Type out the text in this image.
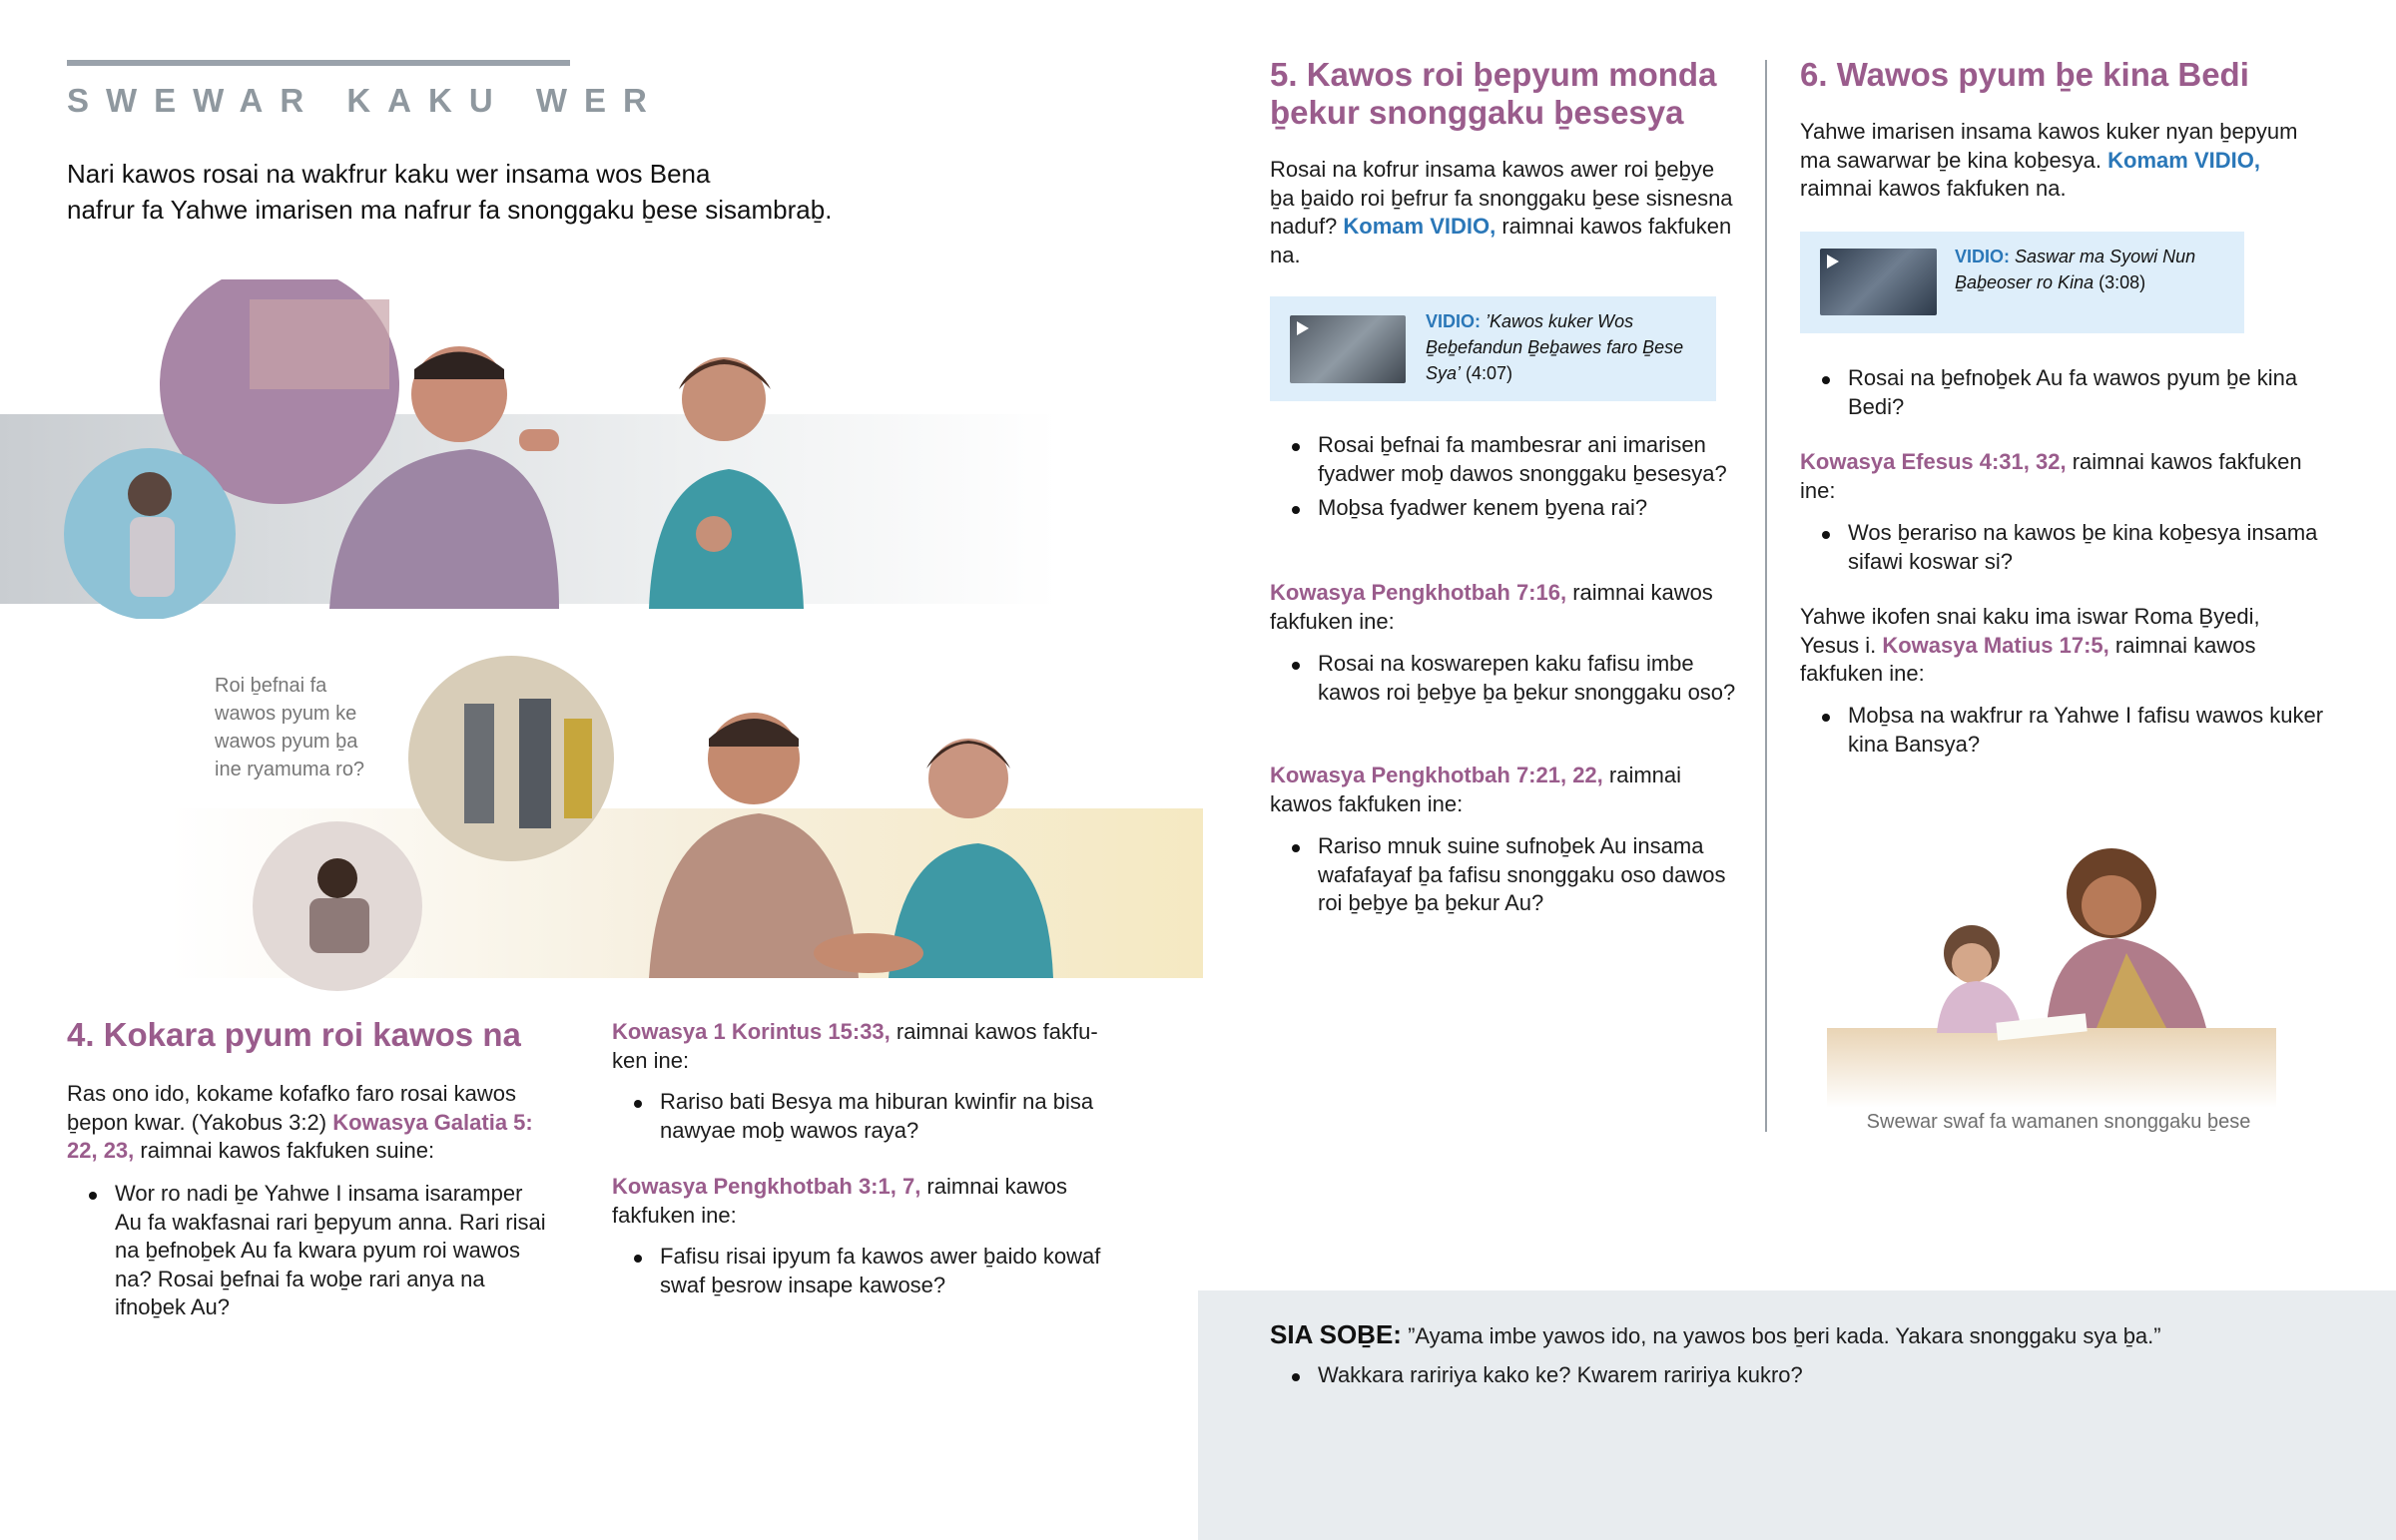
SWEWAR KAKU WER
Nari kawos rosai na wakfrur kaku wer insama wos Bena
nafrur fa Yahwe imarisen ma nafrur fa snonggaku ḇese sisambraḇ.
Roi ḇefnai fa wawos pyum ke wawos pyum ḇa ine ryamuma ro?
4. Kokara pyum roi kawos na
Ras ono ido, kokame kofafko faro rosai kawos ḇepon kwar. (Yakobus 3:2) Kowasya Galatia 5: 22, 23, raimnai kawos fakfuken suine:
Wor ro nadi ḇe Yahwe I insama isaramper Au fa wakfasnai rari ḇepyum anna. Rari risai na ḇefnoḇek Au fa kwara pyum roi wawos na? Rosai ḇefnai fa woḇe rari anya na ifnoḇek Au?
Kowasya 1 Korintus 15:33, raimnai kawos fakfuken ine:
Rariso bati Besya ma hiburan kwinfir na bisa nawyae moḇ wawos raya?
Kowasya Pengkhotbah 3:1, 7, raimnai kawos fakfuken ine:
Fafisu risai ipyum fa kawos awer ḇaido kowaf swaf ḇesrow insape kawose?
5. Kawos roi ḇepyum monda ḇekur snonggaku ḇesesya
Rosai na kofrur insama kawos awer roi ḇeḇye ḇa ḇaido roi ḇefrur fa snonggaku ḇese sisnesna naduf? Komam VIDIO, raimnai kawos fakfuken na.
VIDIO: ’Kawos kuker Wos Ḇeḇefandun Ḇeḇawes faro Ḇese Sya’ (4:07)
Rosai ḇefnai fa mambesrar ani imarisen fyadwer moḇ dawos snonggaku ḇesesya?
Moḇsa fyadwer kenem ḇyena rai?
Kowasya Pengkhotbah 7:16, raimnai kawos fakfuken ine:
Rosai na koswarepen kaku fafisu imbe kawos roi ḇeḇye ḇa ḇekur snonggaku oso?
Kowasya Pengkhotbah 7:21, 22, raimnai kawos fakfuken ine:
Rariso mnuk suine sufnoḇek Au insama wafafayaf ḇa fafisu snonggaku oso dawos roi ḇeḇye ḇa ḇekur Au?
6. Wawos pyum ḇe kina Bedi
Yahwe imarisen insama kawos kuker nyan ḇepyum ma sawarwar ḇe kina koḇesya. Komam VIDIO, raimnai kawos fakfuken na.
VIDIO: Saswar ma Syowi Nun Ḇaḇeoser ro Kina (3:08)
Rosai na ḇefnoḇek Au fa wawos pyum ḇe kina Bedi?
Kowasya Efesus 4:31, 32, raimnai kawos fakfuken ine:
Wos ḇerariso na kawos ḇe kina koḇesya insama sifawi koswar si?
Yahwe ikofen snai kaku ima iswar Roma Ḇyedi, Yesus i. Kowasya Matius 17:5, raimnai kawos fakfuken ine:
Moḇsa na wakfrur ra Yahwe I fafisu wawos kuker kina Bansya?
Swewar swaf fa wamanen snonggaku ḇese
SIA SOḆE: ”Ayama imbe yawos ido, na yawos bos ḇeri kada. Yakara snonggaku sya ḇa.”
Wakkara raririya kako ke? Kwarem raririya kukro?
